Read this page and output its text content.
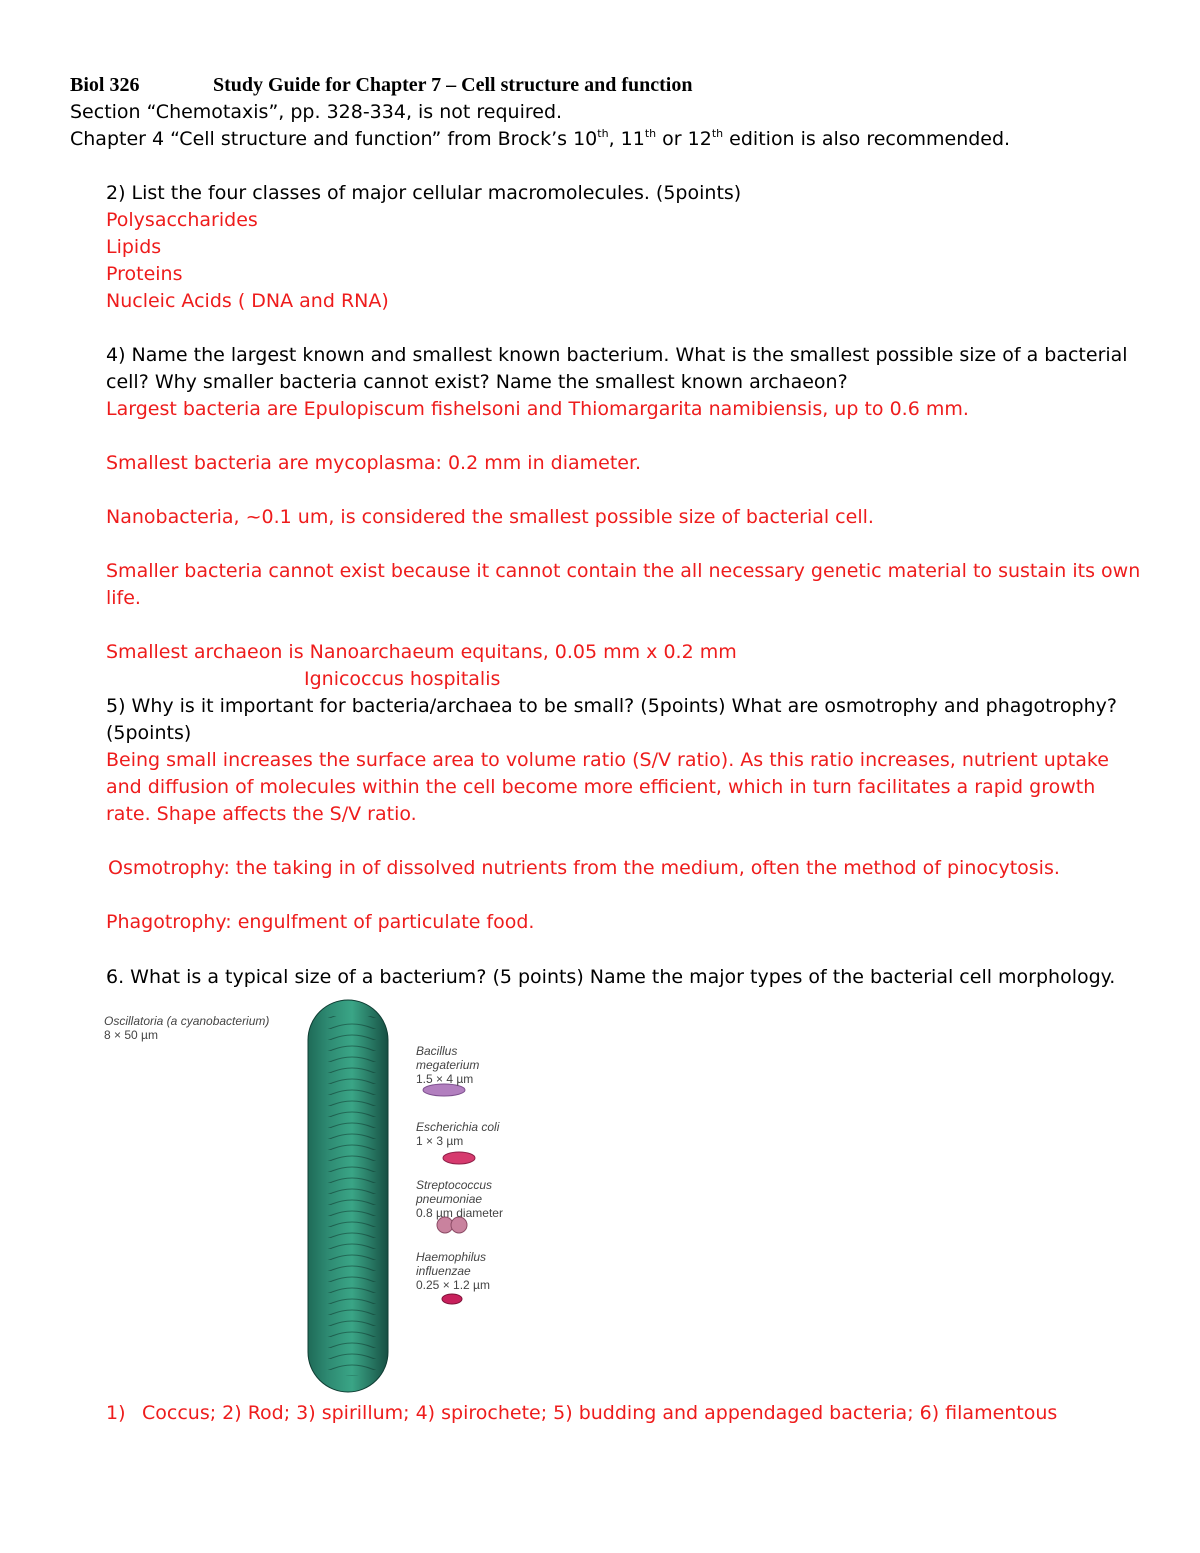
Biol 326	Study Guide for Chapter 7 – Cell structure and function
Section “Chemotaxis”, pp. 328-334, is not required.
Chapter 4 “Cell structure and function” from Brock’s 10th, 11th or 12th edition is also recommended.
2) List the four classes of major cellular macromolecules. (5points)
Polysaccharides
Lipids
Proteins
Nucleic Acids ( DNA and RNA)
4) Name the largest known and smallest known bacterium. What is the smallest possible size of a bacterial
cell? Why smaller bacteria cannot exist? Name the smallest known archaeon?
Largest bacteria are Epulopiscum fishelsoni and Thiomargarita namibiensis, up to 0.6 mm.
Smallest bacteria are mycoplasma: 0.2 mm in diameter.
Nanobacteria, ~0.1 um, is considered the smallest possible size of bacterial cell.
Smaller bacteria cannot exist because it cannot contain the all necessary genetic material to sustain its own
life.
Smallest archaeon is Nanoarchaeum equitans, 0.05 mm x 0.2 mm
Ignicoccus hospitalis
5) Why is it important for bacteria/archaea to be small? (5points) What are osmotrophy and phagotrophy?
(5points)
Being small increases the surface area to volume ratio (S/V ratio). As this ratio increases, nutrient uptake
and diffusion of molecules within the cell become more efficient, which in turn facilitates a rapid growth
rate. Shape affects the S/V ratio.
Osmotrophy: the taking in of dissolved nutrients from the medium, often the method of pinocytosis.
Phagotrophy: engulfment of particulate food.
6. What is a typical size of a bacterium? (5 points) Name the major types of the bacterial cell morphology.
Oscillatoria (a cyanobacterium)
8 × 50 µm
Bacillus
megaterium
1.5 × 4 µm
Escherichia coli
1 × 3 µm
Streptococcus
pneumoniae
0.8 µm diameter
Haemophilus
influenzae
0.25 × 1.2 µm
1) Coccus; 2) Rod; 3) spirillum; 4) spirochete; 5) budding and appendaged bacteria; 6) filamentous
